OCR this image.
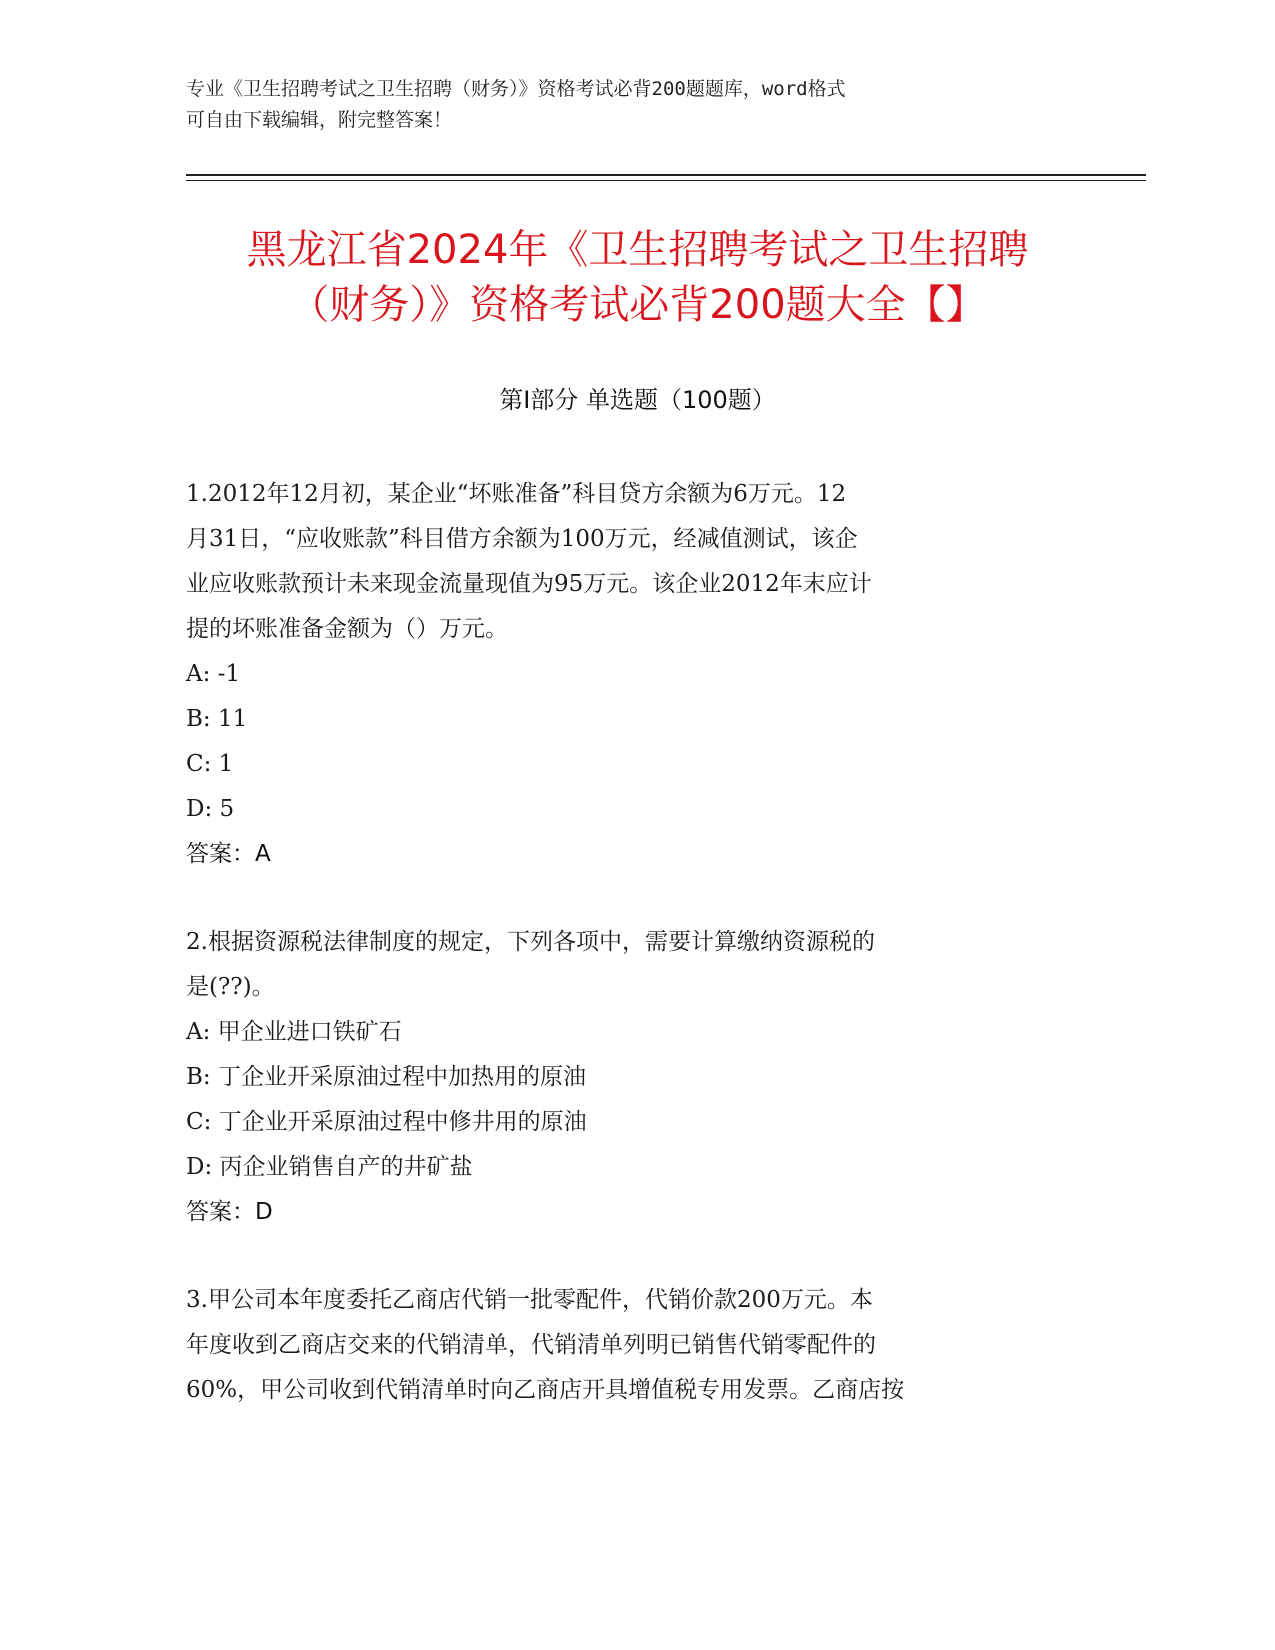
专业《卫生招聘考试之卫生招聘（财务）》资格考试必背200题题库，word格式

可自由下载编辑，附完整答案！

黑龙江省2024年《卫生招聘考试之卫生招聘

（财务）》资格考试必背200题大全【】

第I部分 单选题（100题）

1.2012年12月初，某企业“坏账准备”科目贷方余额为6万元。12

月31日，“应收账款”科目借方余额为100万元，经减值测试，该企

业应收账款预计未来现金流量现值为95万元。该企业2012年末应计

提的坏账准备金额为（）万元。

A: -1

B: 11

C: 1

D: 5

答案：A

2.根据资源税法律制度的规定，下列各项中，需要计算缴纳资源税的

是(??)。

A: 甲企业进口铁矿石

B: 丁企业开采原油过程中加热用的原油

C: 丁企业开采原油过程中修井用的原油

D: 丙企业销售自产的井矿盐

答案：D

3.甲公司本年度委托乙商店代销一批零配件，代销价款200万元。本

年度收到乙商店交来的代销清单，代销清单列明已销售代销零配件的

60%，甲公司收到代销清单时向乙商店开具增值税专用发票。乙商店按
